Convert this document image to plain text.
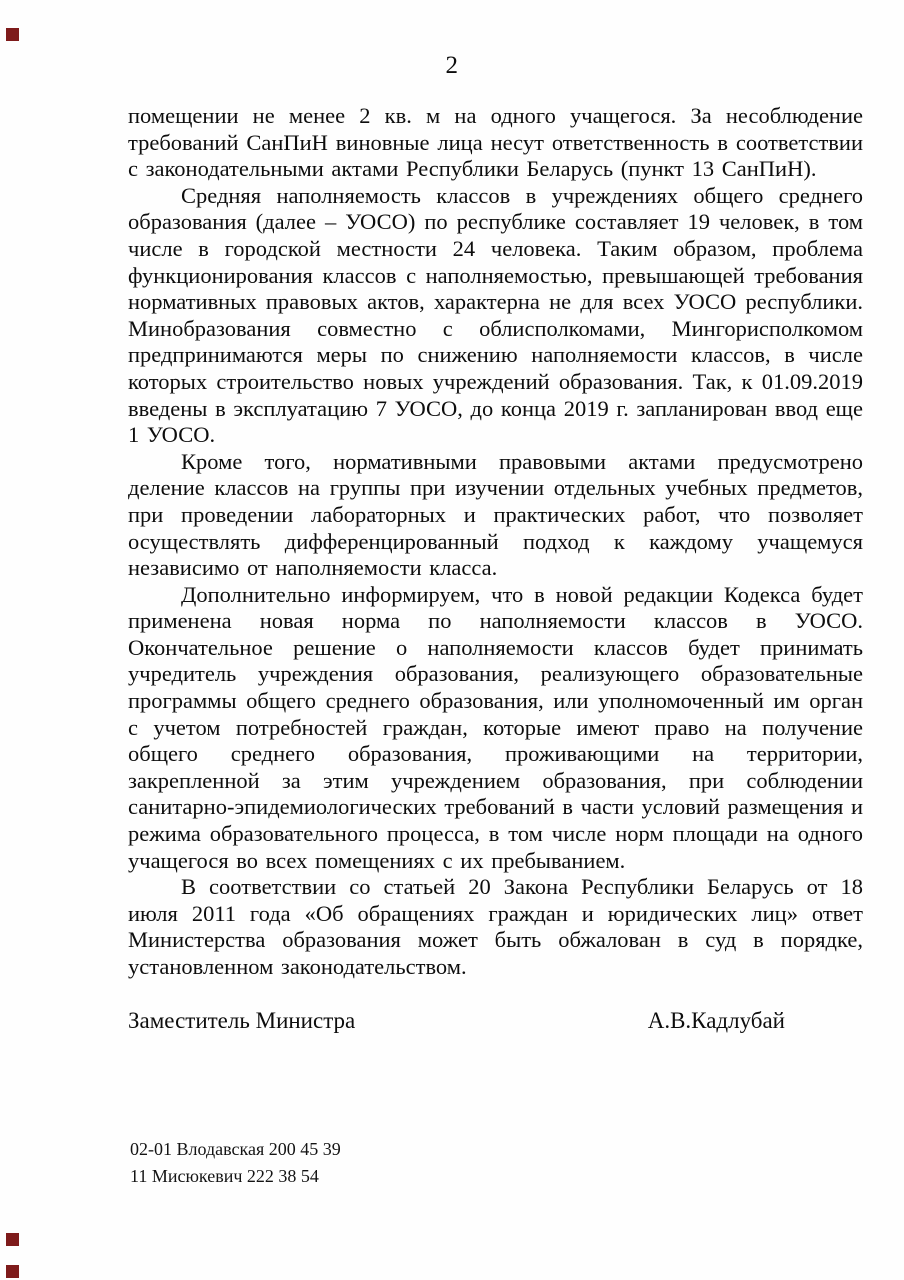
2

помещении не менее 2 кв. м на одного учащегося. За несоблюдение требований СанПиН виновные лица несут ответственность в соответствии с законодательными актами Республики Беларусь (пункт 13 СанПиН).

Средняя наполняемость классов в учреждениях общего среднего образования (далее – УОСО) по республике составляет 19 человек, в том числе в городской местности 24 человека. Таким образом, проблема функционирования классов с наполняемостью, превышающей требования нормативных правовых актов, характерна не для всех УОСО республики. Минобразования совместно с облисполкомами, Мингорисполкомом предпринимаются меры по снижению наполняемости классов, в числе которых строительство новых учреждений образования. Так, к 01.09.2019 введены в эксплуатацию 7 УОСО, до конца 2019 г. запланирован ввод еще 1 УОСО.

Кроме того, нормативными правовыми актами предусмотрено деление классов на группы при изучении отдельных учебных предметов, при проведении лабораторных и практических работ, что позволяет осуществлять дифференцированный подход к каждому учащемуся независимо от наполняемости класса.

Дополнительно информируем, что в новой редакции Кодекса будет применена новая норма по наполняемости классов в УОСО. Окончательное решение о наполняемости классов будет принимать учредитель учреждения образования, реализующего образовательные программы общего среднего образования, или уполномоченный им орган с учетом потребностей граждан, которые имеют право на получение общего среднего образования, проживающими на территории, закрепленной за этим учреждением образования, при соблюдении санитарно-эпидемиологических требований в части условий размещения и режима образовательного процесса, в том числе норм площади на одного учащегося во всех помещениях с их пребыванием.

В соответствии со статьей 20 Закона Республики Беларусь от 18 июля 2011 года «Об обращениях граждан и юридических лиц» ответ Министерства образования может быть обжалован в суд в порядке, установленном законодательством.

Заместитель Министра	А.В.Кадлубай
02-01 Влодавская 200 45 39
11 Мисюкевич 222 38 54
